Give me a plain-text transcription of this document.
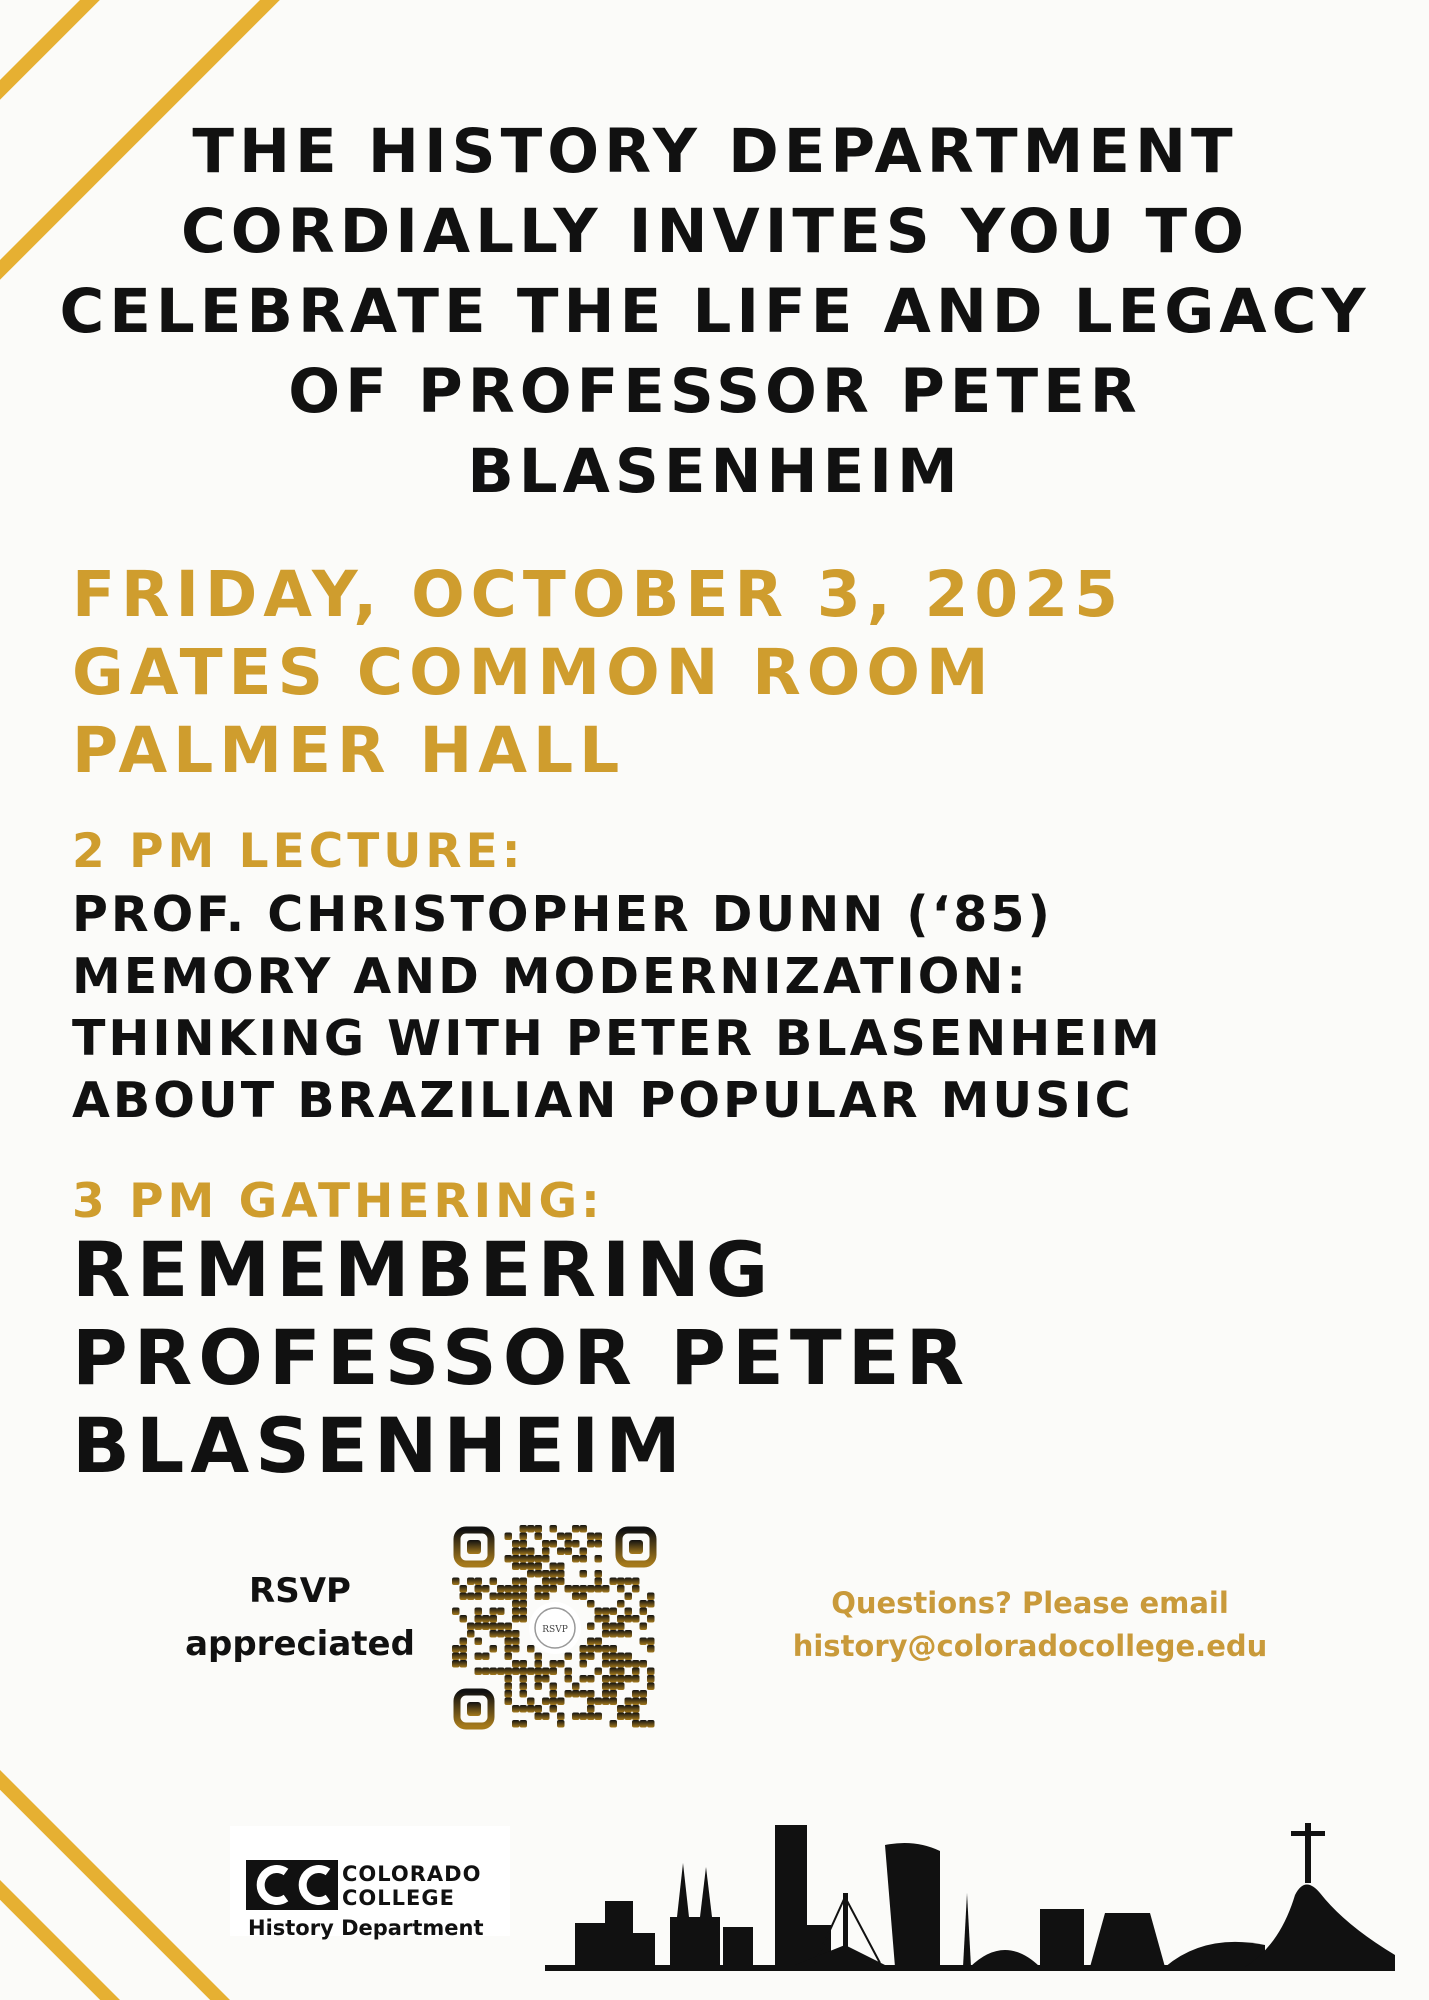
THE HISTORY DEPARTMENT
CORDIALLY INVITES YOU TO
CELEBRATE THE LIFE AND LEGACY
OF PROFESSOR PETER
BLASENHEIM
FRIDAY, OCTOBER 3, 2025
GATES COMMON ROOM
PALMER HALL
2 PM LECTURE:
PROF. CHRISTOPHER DUNN (‘85)
MEMORY AND MODERNIZATION:
THINKING WITH PETER BLASENHEIM
ABOUT BRAZILIAN POPULAR MUSIC
3 PM GATHERING:
REMEMBERING
PROFESSOR PETER
BLASENHEIM
RSVP
appreciated	RSVP
Questions? Please email
history@coloradocollege.edu
COLORADO
COLLEGE
History Department
